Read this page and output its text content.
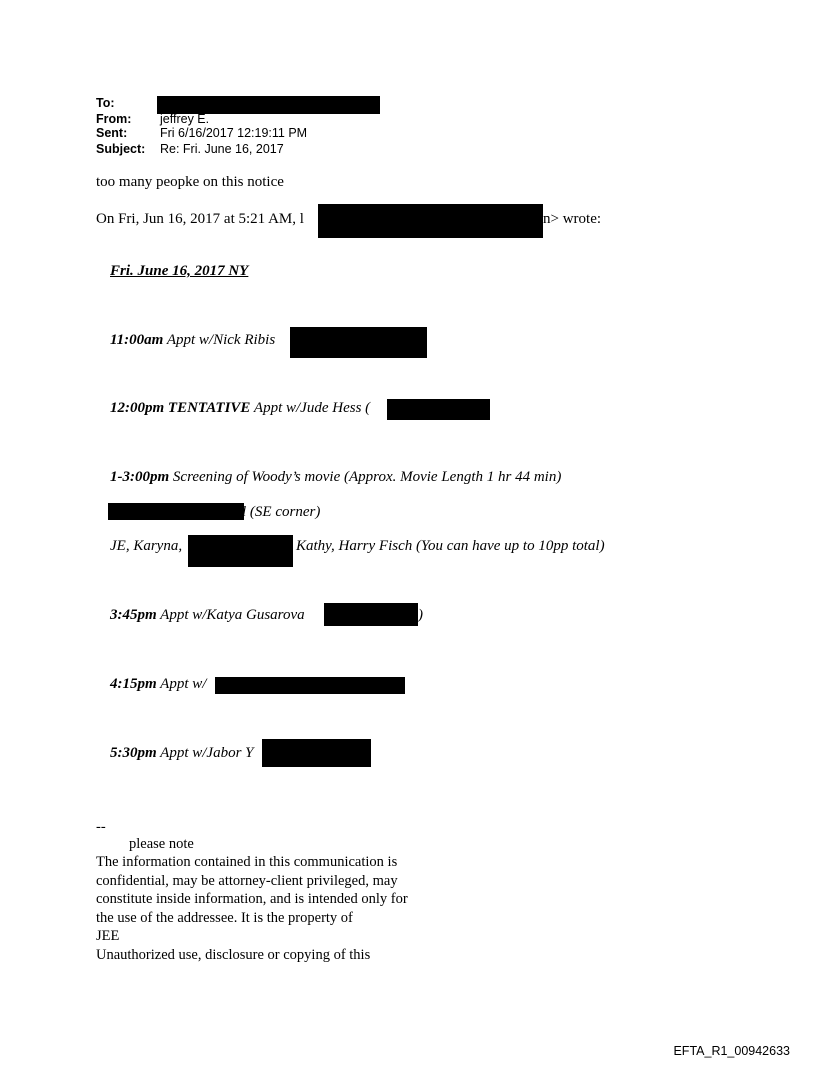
To:
From: jeffrey E.
Sent:	Fri 6/16/2017 12:19:11 PM
Subject: Re: Fri. June 16, 2017
too many peopke on this notice
On Fri, Jun 16, 2017 at 5:21 AM, l	n> wrote:
Fri. June 16, 2017 NY
11:00am Appt w/Nick Ribis
12:00pm TENTATIVE Appt w/Jude Hess (
1-3:00pm Screening of Woody’s movie (Approx. Movie Length 1 hr 44 min)
l (SE corner)
JE, Karyna,	Kathy, Harry Fisch (You can have up to 10pp total)
3:45pm Appt w/Katya Gusarova	)
4:15pm Appt w/
5:30pm Appt w/Jabor Y
--
please note
The information contained in this communication is
confidential, may be attorney-client privileged, may
constitute inside information, and is intended only for
the use of the addressee. It is the property of
JEE
Unauthorized use, disclosure or copying of this
EFTA_R1_00942633
